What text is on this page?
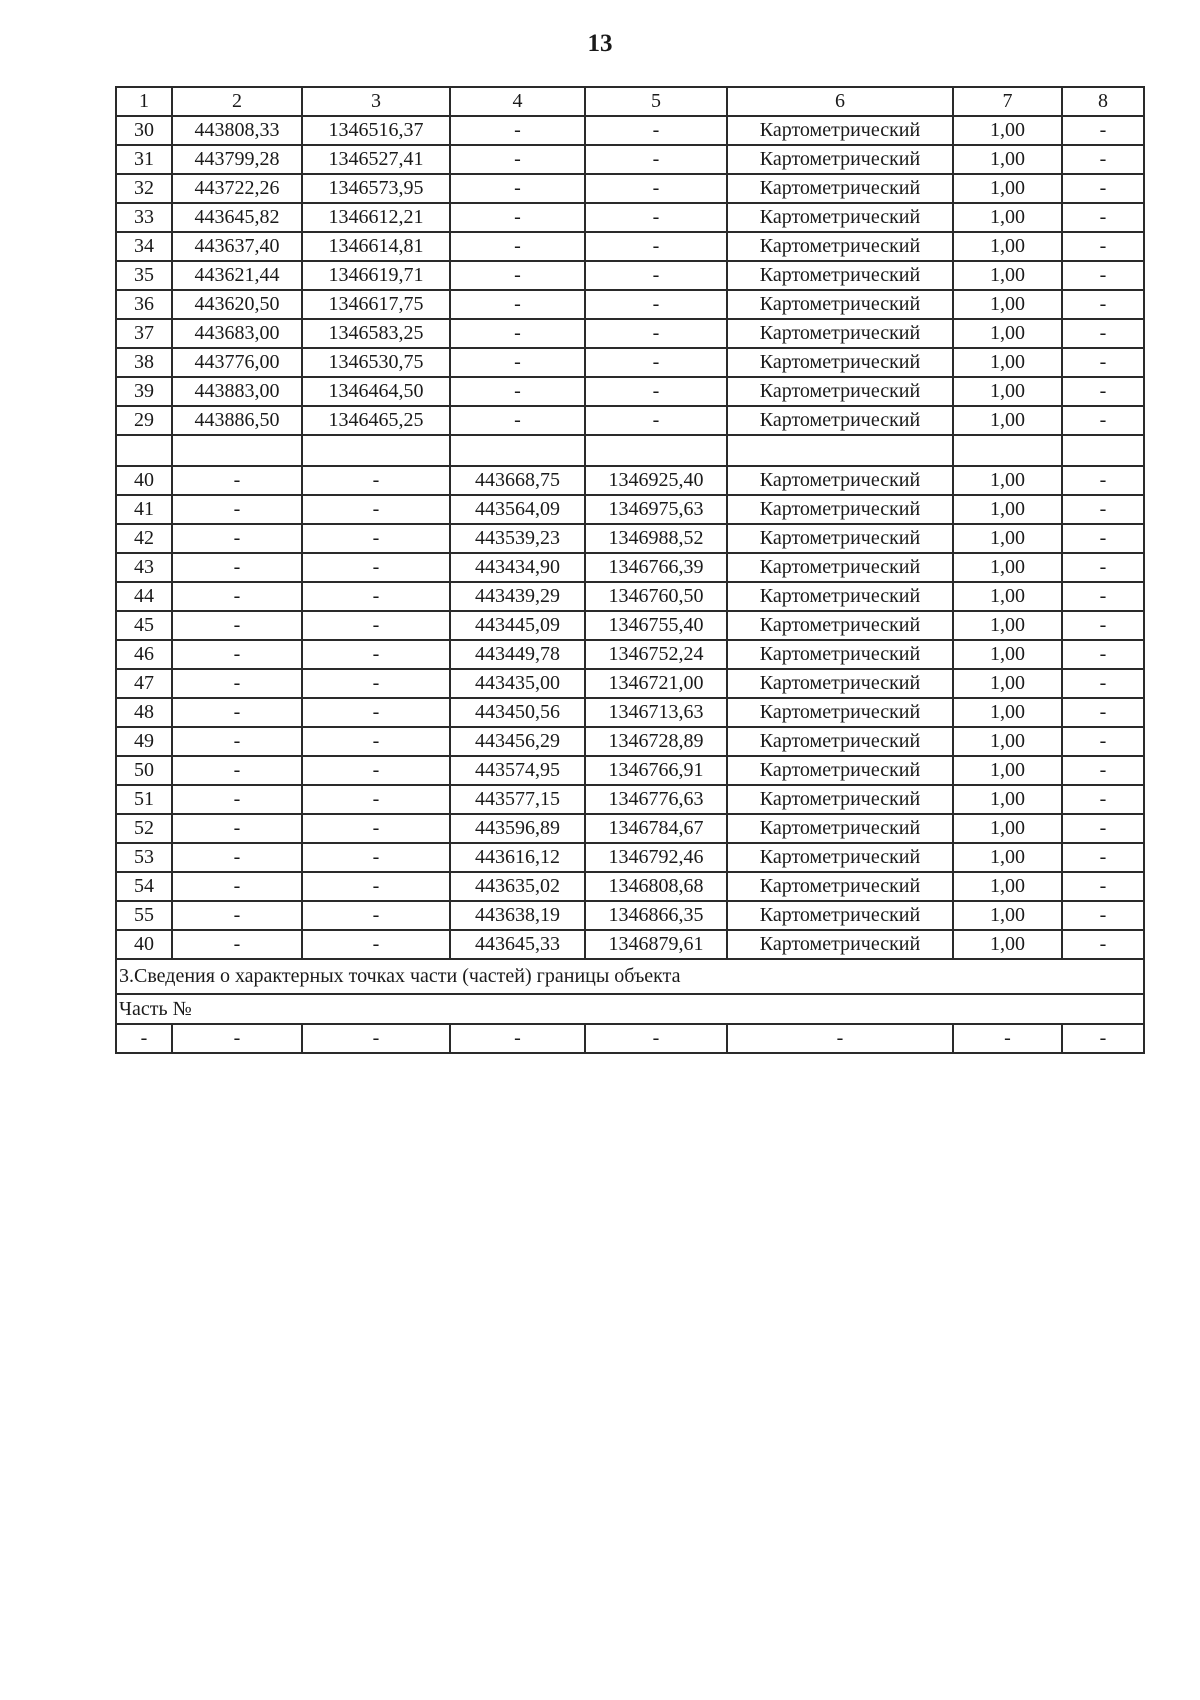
13
1	2	3	4	5	6	7	8
30	443808,33	1346516,37	-	-	Картометрический	1,00	-
31	443799,28	1346527,41	-	-	Картометрический	1,00	-
32	443722,26	1346573,95	-	-	Картометрический	1,00	-
33	443645,82	1346612,21	-	-	Картометрический	1,00	-
34	443637,40	1346614,81	-	-	Картометрический	1,00	-
35	443621,44	1346619,71	-	-	Картометрический	1,00	-
36	443620,50	1346617,75	-	-	Картометрический	1,00	-
37	443683,00	1346583,25	-	-	Картометрический	1,00	-
38	443776,00	1346530,75	-	-	Картометрический	1,00	-
39	443883,00	1346464,50	-	-	Картометрический	1,00	-
29	443886,50	1346465,25	-	-	Картометрический	1,00	-

40	-	-	443668,75	1346925,40	Картометрический	1,00	-
41	-	-	443564,09	1346975,63	Картометрический	1,00	-
42	-	-	443539,23	1346988,52	Картометрический	1,00	-
43	-	-	443434,90	1346766,39	Картометрический	1,00	-
44	-	-	443439,29	1346760,50	Картометрический	1,00	-
45	-	-	443445,09	1346755,40	Картометрический	1,00	-
46	-	-	443449,78	1346752,24	Картометрический	1,00	-
47	-	-	443435,00	1346721,00	Картометрический	1,00	-
48	-	-	443450,56	1346713,63	Картометрический	1,00	-
49	-	-	443456,29	1346728,89	Картометрический	1,00	-
50	-	-	443574,95	1346766,91	Картометрический	1,00	-
51	-	-	443577,15	1346776,63	Картометрический	1,00	-
52	-	-	443596,89	1346784,67	Картометрический	1,00	-
53	-	-	443616,12	1346792,46	Картометрический	1,00	-
54	-	-	443635,02	1346808,68	Картометрический	1,00	-
55	-	-	443638,19	1346866,35	Картометрический	1,00	-
40	-	-	443645,33	1346879,61	Картометрический	1,00	-
3.Сведения о характерных точках части (частей) границы объекта							
Часть №							
-	-	-	-	-	-	-	-
